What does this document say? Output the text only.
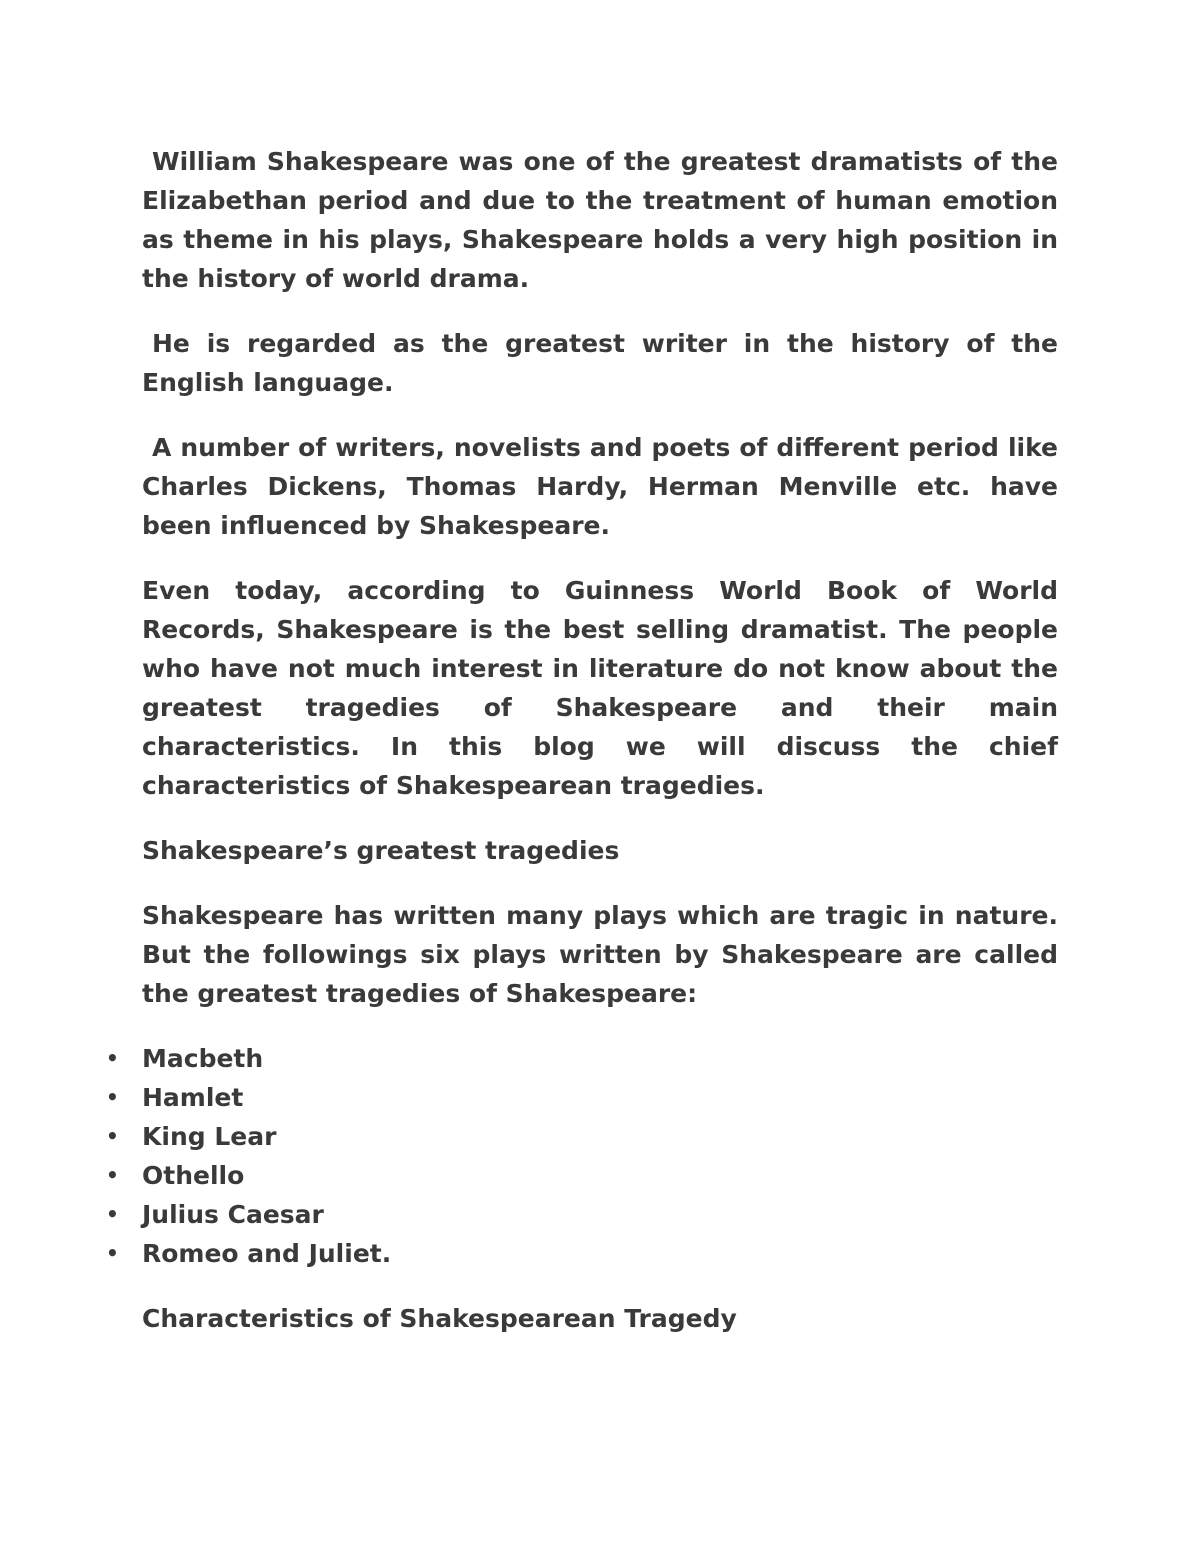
William Shakespeare was one of the greatest dramatists of the Elizabethan period and due to the treatment of human emotion as theme in his plays, Shakespeare holds a very high position in the history of world drama.

He is regarded as the greatest writer in the history of the English language.

A number of writers, novelists and poets of different period like Charles Dickens, Thomas Hardy, Herman Menville etc. have been influenced by Shakespeare.

Even today, according to Guinness World Book of World Records, Shakespeare is the best selling dramatist. The people who have not much interest in literature do not know about the greatest tragedies of Shakespeare and their main characteristics. In this blog we will discuss the chief characteristics of Shakespearean tragedies.

Shakespeare’s greatest tragedies

Shakespeare has written many plays which are tragic in nature. But the followings six plays written by Shakespeare are called the greatest tragedies of Shakespeare:

• Macbeth
• Hamlet
• King Lear
• Othello
• Julius Caesar
• Romeo and Juliet.

Characteristics of Shakespearean Tragedy
